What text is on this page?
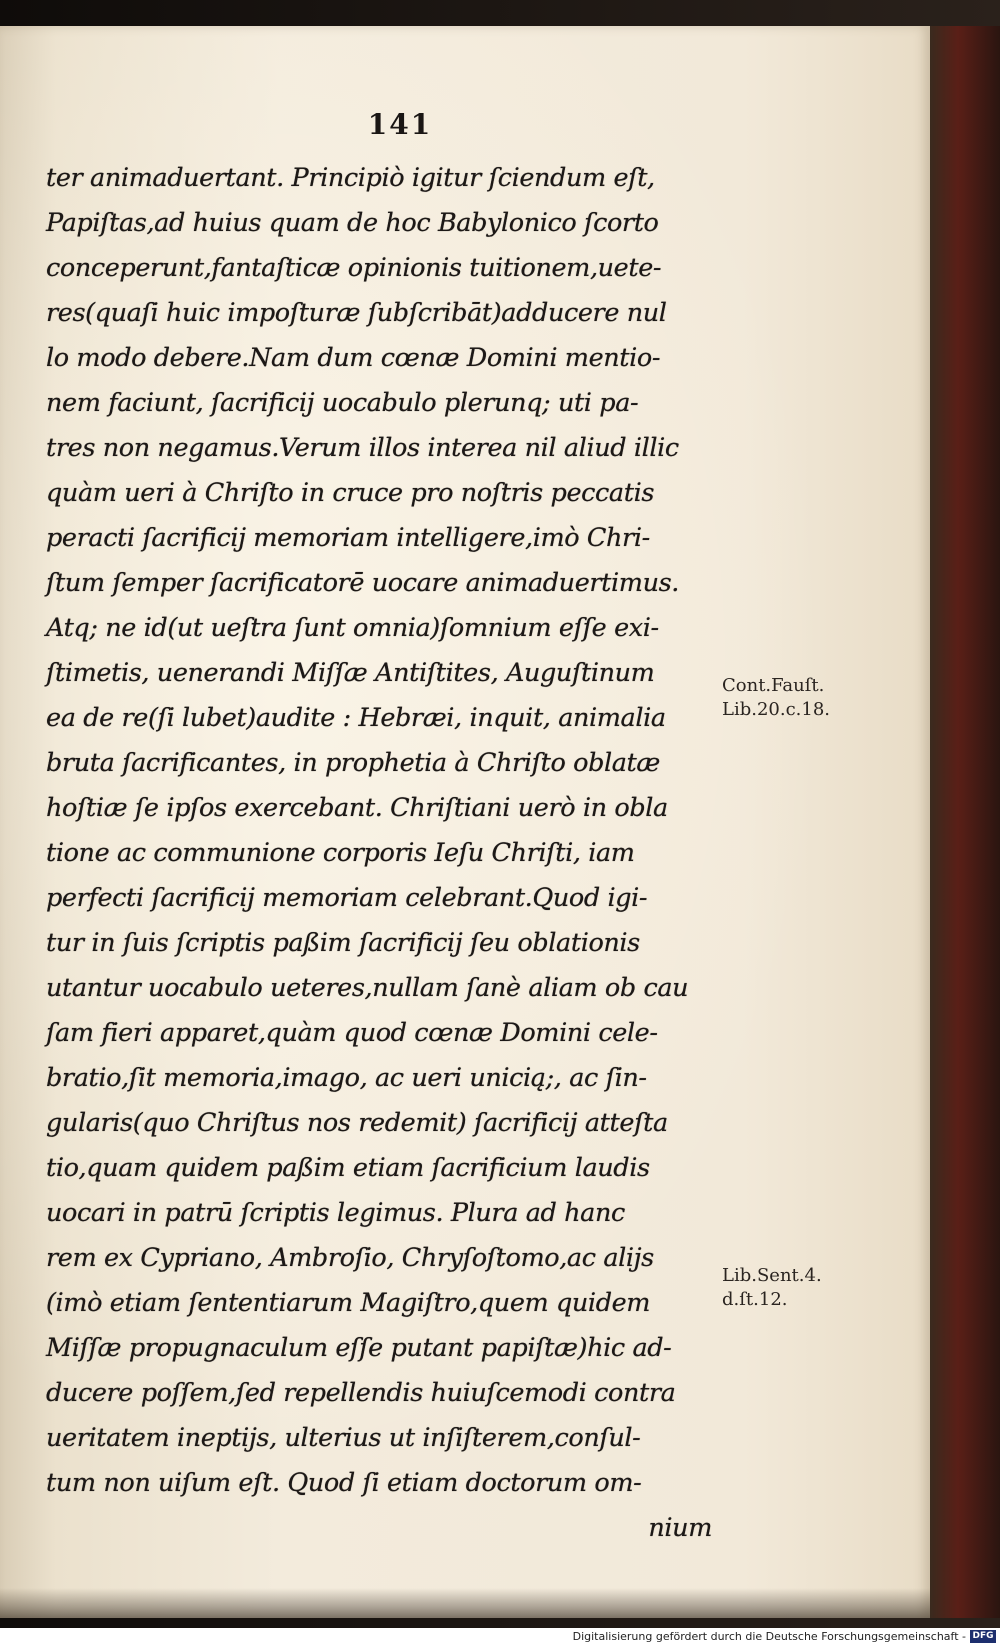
141
ter animaduertant. Principiò igitur ſciendum eſt,
Papiſtas,ad huius quam de hoc Babylonico ſcorto
conceperunt,fantaſticæ opinionis tuitionem,uete-
res(quaſi huic impoſturæ ſubſcribāt)adducere nul
lo modo debere.Nam dum cœnæ Domini mentio-
nem faciunt, ſacrificij uocabulo plerunq; uti pa-
tres non negamus.Verum illos interea nil aliud illic
quàm ueri à Chriſto in cruce pro noſtris peccatis
peracti ſacrificij memoriam intelligere,imò Chri-
ſtum ſemper ſacrificatorē uocare animaduertimus.
Atq; ne id(ut ueſtra ſunt omnia)ſomnium eſſe exi-
ſtimetis, uenerandi Miſſæ Antiſtites, Auguſtinum
ea de re(ſi lubet)audite : Hebræi, inquit, animalia
bruta ſacrificantes, in prophetia à Chriſto oblatæ
hoſtiæ ſe ipſos exercebant. Chriſtiani uerò in obla
tione ac communione corporis Ieſu Chriſti, iam
perfecti ſacrificij memoriam celebrant.Quod igi-
tur in ſuis ſcriptis paßim ſacrificij ſeu oblationis
utantur uocabulo ueteres,nullam ſanè aliam ob cau
ſam fieri apparet,quàm quod cœnæ Domini cele-
bratio,ſit memoria,imago, ac ueri unicią;, ac ſin-
gularis(quo Chriſtus nos redemit) ſacrificij atteſta
tio,quam quidem paßim etiam ſacrificium laudis
uocari in patrū ſcriptis legimus. Plura ad hanc
rem ex Cypriano, Ambroſio, Chryſoſtomo,ac alijs
(imò etiam ſententiarum Magiſtro,quem quidem
Miſſæ propugnaculum eſſe putant papiſtæ)hic ad-
ducere poſſem,ſed repellendis huiuſcemodi contra
ueritatem ineptijs, ulterius ut inſiſterem,conſul-
tum non uiſum eſt. Quod ſi etiam doctorum om-
nium
Cont.Fauſt.
Lib.20.c.18.
Lib.Sent.4.
d.ſt.12.
Digitalisierung gefördert durch die Deutsche Forschungsgemeinschaft - DFG
